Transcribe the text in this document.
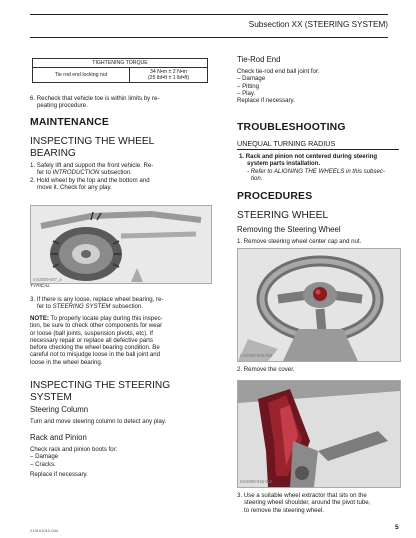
Subsection XX (STEERING SYSTEM)
TIGHTENING TORQUE
Tie rod end locking nut	34 N•m ± 2 N•m
(25 lbf•ft ± 1 lbf•ft)

6. Recheck that vehicle toe is within limits by re-

peating procedure.

MAINTENANCE
INSPECTING THE WHEEL
BEARING

1. Safely lift and support the front vehicle. Re-

fer to INTRODUCTION subsection.

2. Hold wheel by the top and the bottom and

move it. Check for any play.

rmr2009-007_a
TYPICAL

3. If there is any loose, replace wheel bearing, re-

fer to STEERING SYSTEM subsection.

NOTE: To properly locate play during this inspec-

tion, be sure to check other components for wear

or loose (ball joints, suspension pivots, etc). If

necessary repair or replace all defective parts

before checking the wheel bearing condition. Be

careful not to misjudge loose in the ball joint and

loose in the wheel bearing.

INSPECTING THE STEERING
SYSTEM
Steering Column

Turn and move steering column to detect any play.

Rack and Pinion

Check rack and pinion boots for:

– Damage

– Cracks.

Replace if necessary.

Tie-Rod End

Check tie-rod end ball joint for:

– Damage

– Pitting

– Play.

Replace if necessary.

TROUBLESHOOTING
UNEQUAL TURNING RADIUS

1. Rack and pinion not centered during steering

system parts installation.

- Refer to ALIGNING THE WHEELS in this subsec-

tion.

PROCEDURES
STEERING WHEEL
Removing the Steering Wheel

1. Remove steering wheel center cap and nut.

rmr2009-009-003

2. Remove the cover.

rmr2009-016-010

3. Use a suitable wheel extractor that sits on the

steering wheel shoulder, around the pivot tube,

to remove the steering wheel.

219101010-044	5
